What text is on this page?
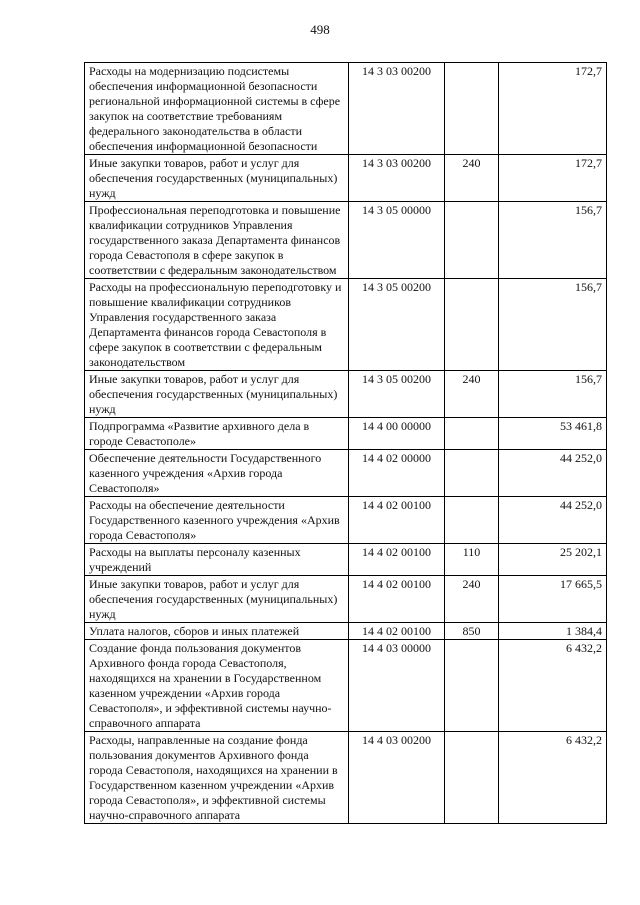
498
Расходы на модернизацию подсистемы обеспечения информационной безопасности региональной информационной системы в сфере закупок на соответствие требованиям федерального законодательства в области обеспечения информационной безопасности	14 3 03 00200		172,7
Иные закупки товаров, работ и услуг для обеспечения государственных (муниципальных) нужд	14 3 03 00200	240	172,7
Профессиональная переподготовка и повышение квалификации сотрудников Управления государственного заказа Департамента финансов города Севастополя в сфере закупок в соответствии с федеральным законодательством	14 3 05 00000		156,7
Расходы на профессиональную переподготовку и повышение квалификации сотрудников Управления государственного заказа Департамента финансов города Севастополя в сфере закупок в соответствии с федеральным законодательством	14 3 05 00200		156,7
Иные закупки товаров, работ и услуг для обеспечения государственных (муниципальных) нужд	14 3 05 00200	240	156,7
Подпрограмма «Развитие архивного дела в городе Севастополе»	14 4 00 00000		53 461,8
Обеспечение деятельности Государственного казенного учреждения «Архив города Севастополя»	14 4 02 00000		44 252,0
Расходы на обеспечение деятельности Государственного казенного учреждения «Архив города Севастополя»	14 4 02 00100		44 252,0
Расходы на выплаты персоналу казенных учреждений	14 4 02 00100	110	25 202,1
Иные закупки товаров, работ и услуг для обеспечения государственных (муниципальных) нужд	14 4 02 00100	240	17 665,5
Уплата налогов, сборов и иных платежей	14 4 02 00100	850	1 384,4
Создание фонда пользования документов Архивного фонда города Севастополя, находящихся на хранении в Государственном казенном учреждении «Архив города Севастополя», и эффективной системы научно-справочного аппарата	14 4 03 00000		6 432,2
Расходы, направленные на создание фонда пользования документов Архивного фонда города Севастополя, находящихся на хранении в Государственном казенном учреждении «Архив города Севастополя», и эффективной системы научно-справочного аппарата	14 4 03 00200		6 432,2
